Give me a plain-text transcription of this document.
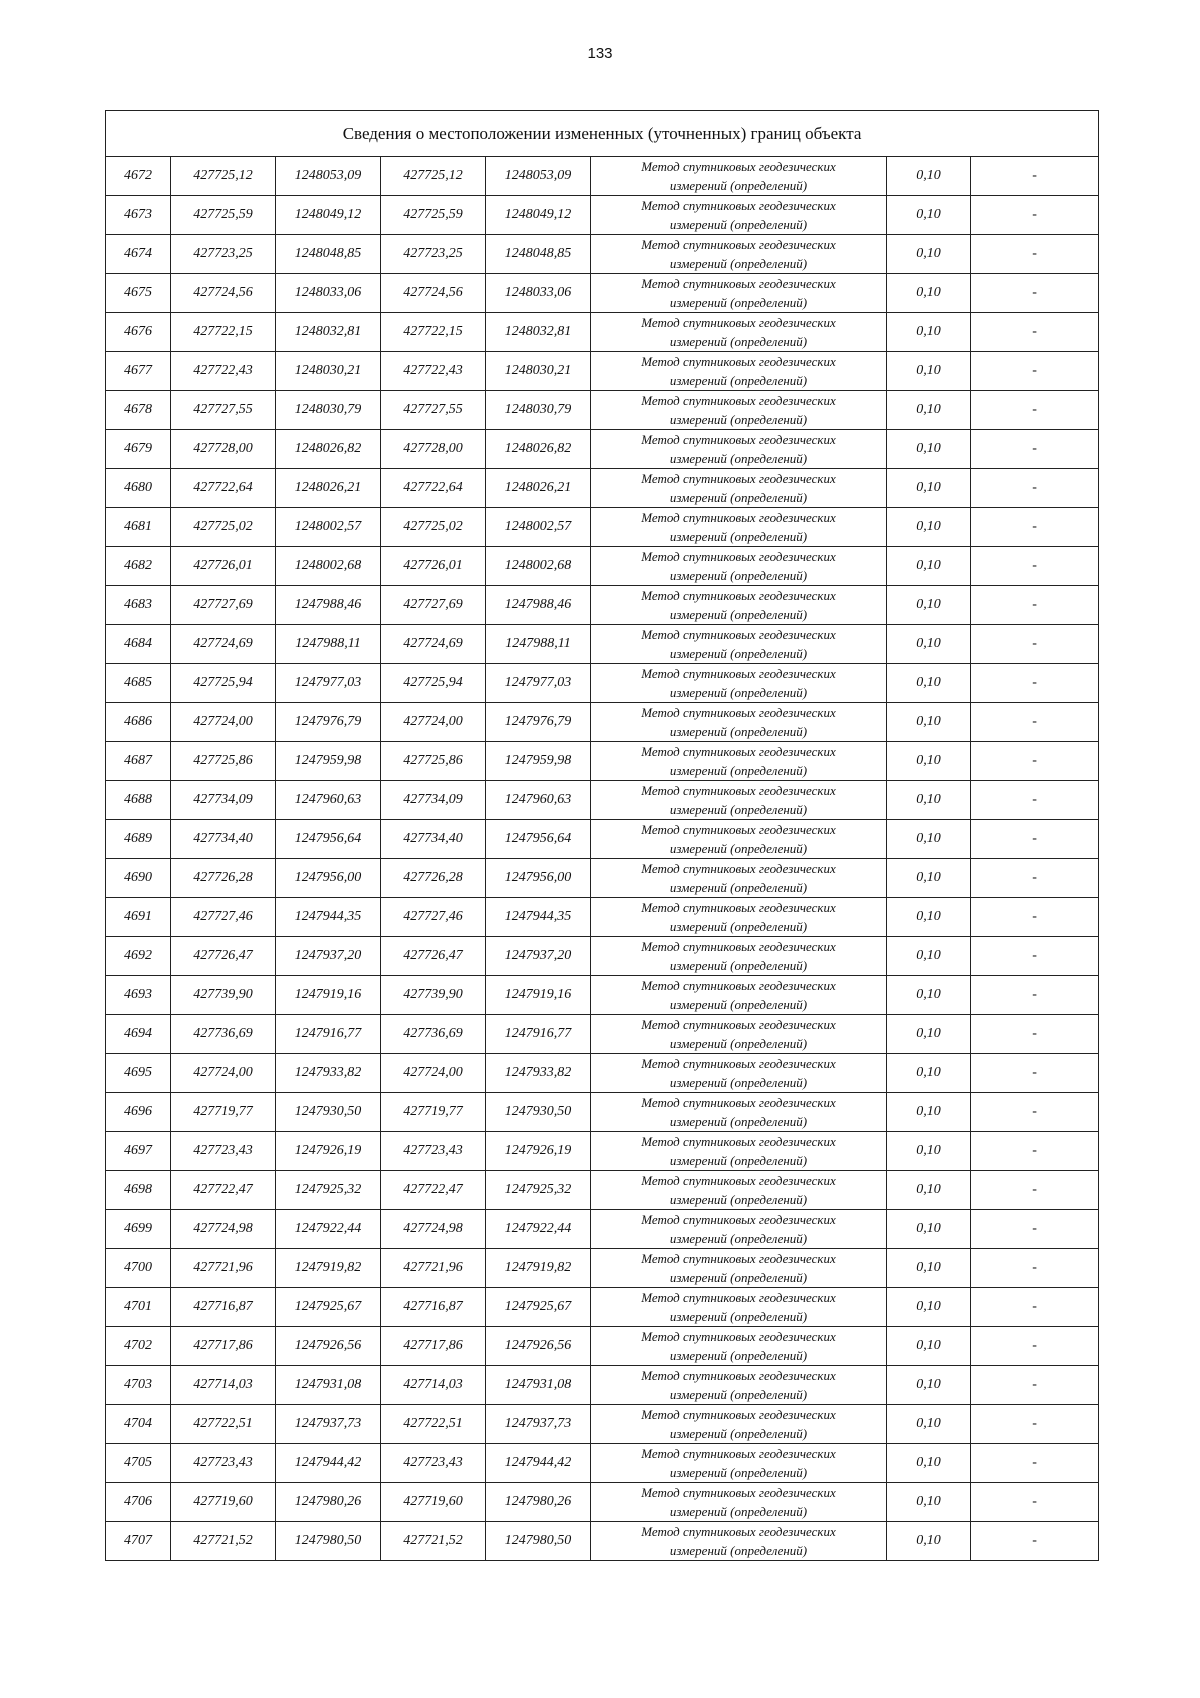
133
Сведения о местоположении измененных (уточненных) границ объекта							
4672	427725,12	1248053,09	427725,12	1248053,09	Метод спутниковых геодезических
измерений (определений)	0,10	-
4673	427725,59	1248049,12	427725,59	1248049,12	Метод спутниковых геодезических
измерений (определений)	0,10	-
4674	427723,25	1248048,85	427723,25	1248048,85	Метод спутниковых геодезических
измерений (определений)	0,10	-
4675	427724,56	1248033,06	427724,56	1248033,06	Метод спутниковых геодезических
измерений (определений)	0,10	-
4676	427722,15	1248032,81	427722,15	1248032,81	Метод спутниковых геодезических
измерений (определений)	0,10	-
4677	427722,43	1248030,21	427722,43	1248030,21	Метод спутниковых геодезических
измерений (определений)	0,10	-
4678	427727,55	1248030,79	427727,55	1248030,79	Метод спутниковых геодезических
измерений (определений)	0,10	-
4679	427728,00	1248026,82	427728,00	1248026,82	Метод спутниковых геодезических
измерений (определений)	0,10	-
4680	427722,64	1248026,21	427722,64	1248026,21	Метод спутниковых геодезических
измерений (определений)	0,10	-
4681	427725,02	1248002,57	427725,02	1248002,57	Метод спутниковых геодезических
измерений (определений)	0,10	-
4682	427726,01	1248002,68	427726,01	1248002,68	Метод спутниковых геодезических
измерений (определений)	0,10	-
4683	427727,69	1247988,46	427727,69	1247988,46	Метод спутниковых геодезических
измерений (определений)	0,10	-
4684	427724,69	1247988,11	427724,69	1247988,11	Метод спутниковых геодезических
измерений (определений)	0,10	-
4685	427725,94	1247977,03	427725,94	1247977,03	Метод спутниковых геодезических
измерений (определений)	0,10	-
4686	427724,00	1247976,79	427724,00	1247976,79	Метод спутниковых геодезических
измерений (определений)	0,10	-
4687	427725,86	1247959,98	427725,86	1247959,98	Метод спутниковых геодезических
измерений (определений)	0,10	-
4688	427734,09	1247960,63	427734,09	1247960,63	Метод спутниковых геодезических
измерений (определений)	0,10	-
4689	427734,40	1247956,64	427734,40	1247956,64	Метод спутниковых геодезических
измерений (определений)	0,10	-
4690	427726,28	1247956,00	427726,28	1247956,00	Метод спутниковых геодезических
измерений (определений)	0,10	-
4691	427727,46	1247944,35	427727,46	1247944,35	Метод спутниковых геодезических
измерений (определений)	0,10	-
4692	427726,47	1247937,20	427726,47	1247937,20	Метод спутниковых геодезических
измерений (определений)	0,10	-
4693	427739,90	1247919,16	427739,90	1247919,16	Метод спутниковых геодезических
измерений (определений)	0,10	-
4694	427736,69	1247916,77	427736,69	1247916,77	Метод спутниковых геодезических
измерений (определений)	0,10	-
4695	427724,00	1247933,82	427724,00	1247933,82	Метод спутниковых геодезических
измерений (определений)	0,10	-
4696	427719,77	1247930,50	427719,77	1247930,50	Метод спутниковых геодезических
измерений (определений)	0,10	-
4697	427723,43	1247926,19	427723,43	1247926,19	Метод спутниковых геодезических
измерений (определений)	0,10	-
4698	427722,47	1247925,32	427722,47	1247925,32	Метод спутниковых геодезических
измерений (определений)	0,10	-
4699	427724,98	1247922,44	427724,98	1247922,44	Метод спутниковых геодезических
измерений (определений)	0,10	-
4700	427721,96	1247919,82	427721,96	1247919,82	Метод спутниковых геодезических
измерений (определений)	0,10	-
4701	427716,87	1247925,67	427716,87	1247925,67	Метод спутниковых геодезических
измерений (определений)	0,10	-
4702	427717,86	1247926,56	427717,86	1247926,56	Метод спутниковых геодезических
измерений (определений)	0,10	-
4703	427714,03	1247931,08	427714,03	1247931,08	Метод спутниковых геодезических
измерений (определений)	0,10	-
4704	427722,51	1247937,73	427722,51	1247937,73	Метод спутниковых геодезических
измерений (определений)	0,10	-
4705	427723,43	1247944,42	427723,43	1247944,42	Метод спутниковых геодезических
измерений (определений)	0,10	-
4706	427719,60	1247980,26	427719,60	1247980,26	Метод спутниковых геодезических
измерений (определений)	0,10	-
4707	427721,52	1247980,50	427721,52	1247980,50	Метод спутниковых геодезических
измерений (определений)	0,10	-
